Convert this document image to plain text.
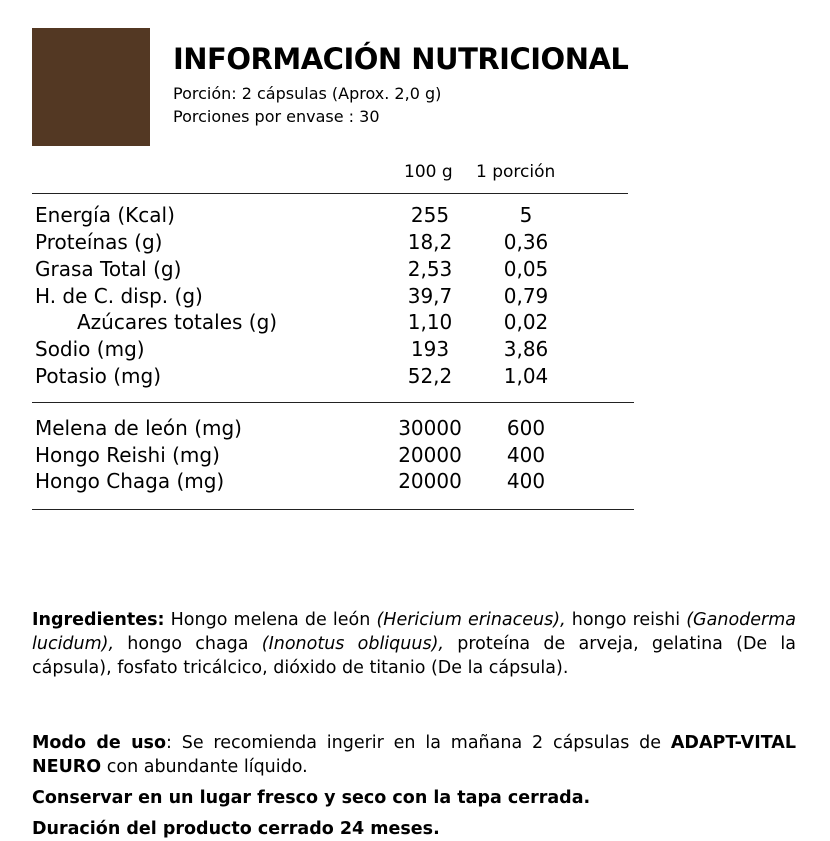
INFORMACIÓN NUTRICIONAL
Porción: 2 cápsulas (Aprox. 2,0 g)
Porciones por envase : 30
100 g 1 porción
Energía (Kcal)	255	5
Proteínas (g)	18,2	0,36
Grasa Total (g)	2,53	0,05
H. de C. disp. (g)	39,7	0,79
Azúcares totales (g)	1,10	0,02
Sodio (mg)	193	3,86
Potasio (mg)	52,2	1,04
Melena de león (mg)	30000	600
Hongo Reishi (mg)	20000	400
Hongo Chaga (mg)	20000	400
Ingredientes: Hongo melena de león (Hericium erinaceus), hongo reishi (Ganoderma lucidum), hongo chaga (Inonotus obliquus), proteína de arveja, gelatina (De la cápsula), fosfato tricálcico, dióxido de titanio (De la cápsula).
Modo de uso: Se recomienda ingerir en la mañana 2 cápsulas de ADAPT-VITAL NEURO con abundante líquido.
Conservar en un lugar fresco y seco con la tapa cerrada.
Duración del producto cerrado 24 meses.
